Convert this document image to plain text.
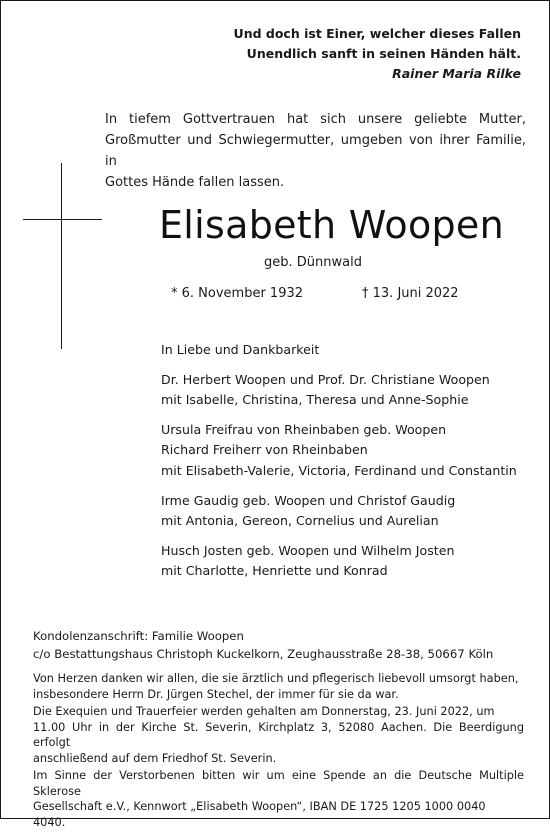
Und doch ist Einer, welcher dieses Fallen
Unendlich sanft in seinen Händen hält.
Rainer Maria Rilke
In tiefem Gottvertrauen hat sich unsere geliebte Mutter,
Großmutter und Schwiegermutter, umgeben von ihrer Familie, in
Gottes Hände fallen lassen.
Elisabeth Woopen
geb. Dünnwald
* 6. November 1932	† 13. Juni 2022
In Liebe und Dankbarkeit
Dr. Herbert Woopen und Prof. Dr. Christiane Woopen
mit Isabelle, Christina, Theresa und Anne-Sophie
Ursula Freifrau von Rheinbaben geb. Woopen
Richard Freiherr von Rheinbaben
mit Elisabeth-Valerie, Victoria, Ferdinand und Constantin
Irme Gaudig geb. Woopen und Christof Gaudig
mit Antonia, Gereon, Cornelius und Aurelian
Husch Josten geb. Woopen und Wilhelm Josten
mit Charlotte, Henriette und Konrad
Kondolenzanschrift: Familie Woopen
c/o Bestattungshaus Christoph Kuckelkorn, Zeughausstraße 28-38, 50667 Köln

Von Herzen danken wir allen, die sie ärztlich und pflegerisch liebevoll umsorgt haben,
insbesondere Herrn Dr. Jürgen Stechel, der immer für sie da war.

Die Exequien und Trauerfeier werden gehalten am Donnerstag, 23. Juni 2022, um
11.00 Uhr in der Kirche St. Severin, Kirchplatz 3, 52080 Aachen. Die Beerdigung erfolgt
anschließend auf dem Friedhof St. Severin.

Im Sinne der Verstorbenen bitten wir um eine Spende an die Deutsche Multiple Sklerose
Gesellschaft e.V., Kennwort „Elisabeth Woopen“, IBAN DE 1725 1205 1000 0040
4040.
